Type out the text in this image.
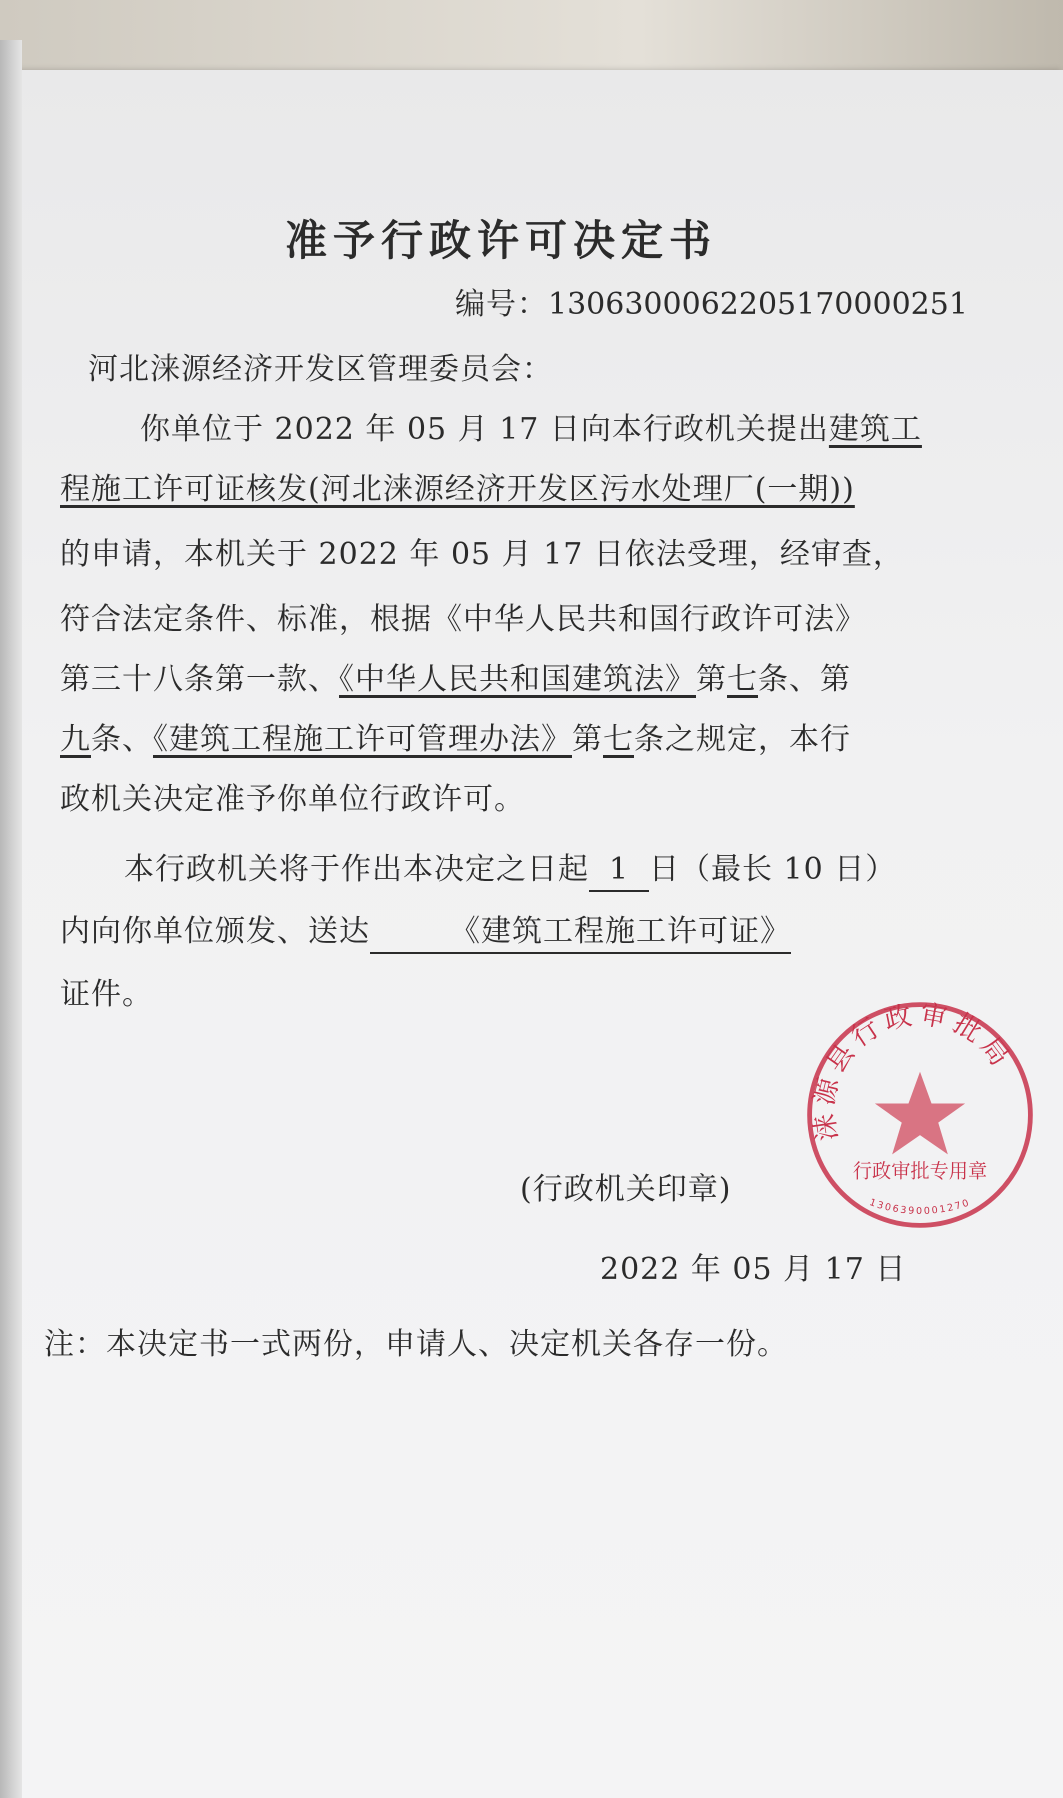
准予行政许可决定书
编号：1306300062205170000251
河北涞源经济开发区管理委员会：
你单位于 2022 年 05 月 17 日向本行政机关提出建筑工
程施工许可证核发(河北涞源经济开发区污水处理厂(一期))
的申请，本机关于 2022 年 05 月 17 日依法受理，经审查，
符合法定条件、标准，根据《中华人民共和国行政许可法》
第三十八条第一款、《中华人民共和国建筑法》第七条、第
九条、《建筑工程施工许可管理办法》第七条之规定，本行
政机关决定准予你单位行政许可。
本行政机关将于作出本决定之日起 1 日（最长 10 日）
内向你单位颁发、送达	《建筑工程施工许可证》
证件。
涞源县行政审批局
行政审批专用章
1306390001270
(行政机关印章)
2022 年 05 月 17 日
注：本决定书一式两份，申请人、决定机关各存一份。
